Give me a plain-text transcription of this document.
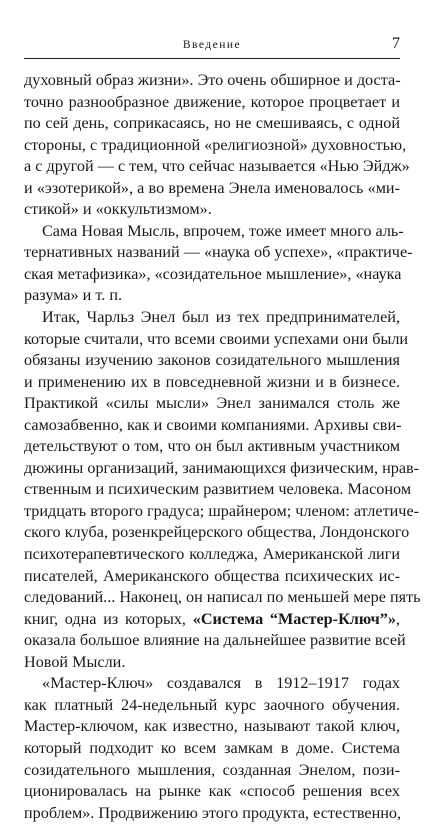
Введение	7
духовный образ жизни». Это очень обширное и доста-
точно разнообразное движение, которое процветает и
по сей день, соприкасаясь, но не смешиваясь, с одной
стороны, с традиционной «религиозной» духовностью,
а с другой — с тем, что сейчас называется «Нью Эйдж»
и «эзотерикой», а во времена Энела именовалось «ми-
стикой» и «оккультизмом».
Сама Новая Мысль, впрочем, тоже имеет много аль-
тернативных названий — «наука об успехе», «практиче-
ская метафизика», «созидательное мышление», «наука
разума» и т. п.
Итак, Чарльз Энел был из тех предпринимателей,
которые считали, что всеми своими успехами они были
обязаны изучению законов созидательного мышления
и применению их в повседневной жизни и в бизнесе.
Практикой «силы мысли» Энел занимался столь же
самозабвенно, как и своими компаниями. Архивы сви-
детельствуют о том, что он был активным участником
дюжины организаций, занимающихся физическим, нрав-
ственным и психическим развитием человека. Масоном
тридцать второго градуса; шрайнером; членом: атлетиче-
ского клуба, розенкрейцерского общества, Лондонского
психотерапевтического колледжа, Американской лиги
писателей, Американского общества психических ис-
следований... Наконец, он написал по меньшей мере пять
книг, одна из которых, «Система “Мастер-Ключ”»,
оказала большое влияние на дальнейшее развитие всей
Новой Мысли.
«Мастер-Ключ» создавался в 1912–1917 годах
как платный 24-недельный курс заочного обучения.
Мастер-ключом, как известно, называют такой ключ,
который подходит ко всем замкам в доме. Система
созидательного мышления, созданная Энелом, пози-
ционировалась на рынке как «способ решения всех
проблем». Продвижению этого продукта, естественно,
